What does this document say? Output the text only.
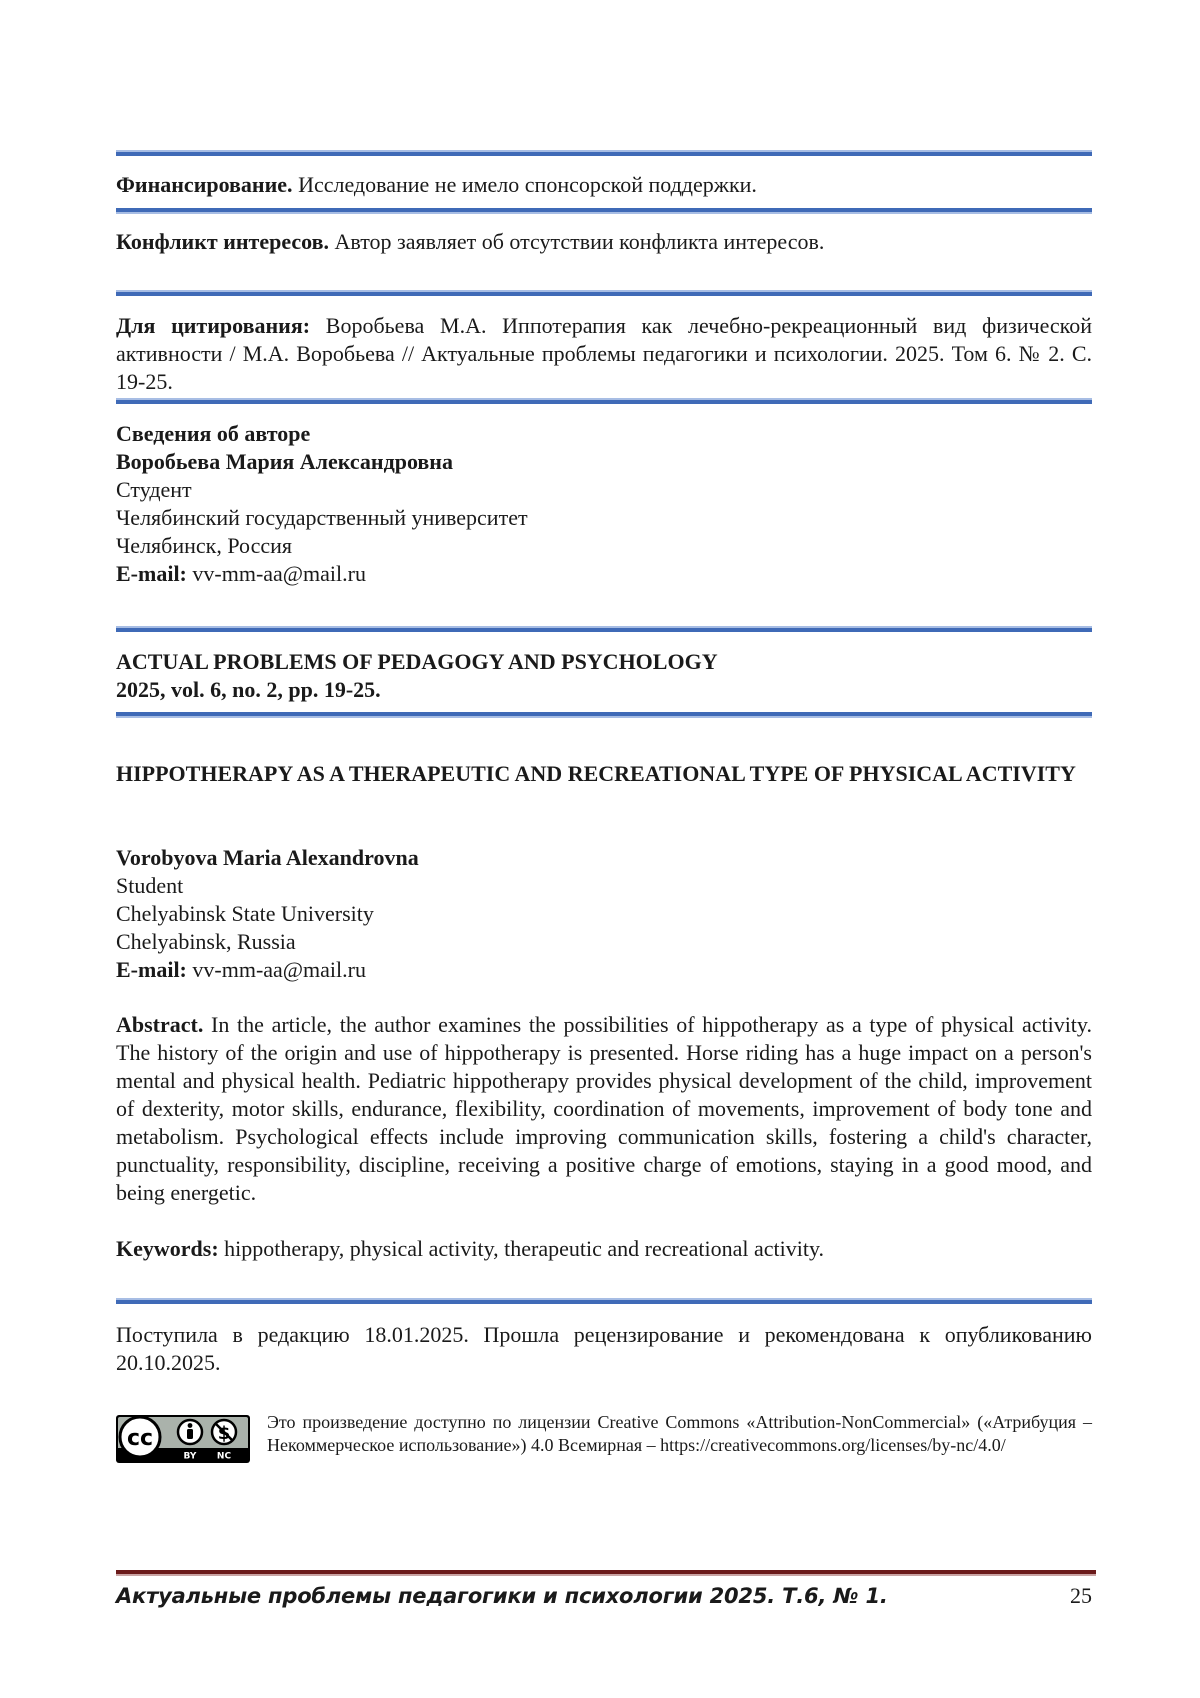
Финансирование. Исследование не имело спонсорской поддержки.

Конфликт интересов. Автор заявляет об отсутствии конфликта интересов.

Для цитирования: Воробьева М.А. Иппотерапия как лечебно-рекреационный вид физической активности / М.А. Воробьева // Актуальные проблемы педагогики и психологии. 2025. Том 6. № 2. С. 19-25.

Сведения об авторе
Воробьева Мария Александровна
Студент
Челябинский государственный университет
Челябинск, Россия
E-mail: vv-mm-aa@mail.ru
ACTUAL PROBLEMS OF PEDAGOGY AND PSYCHOLOGY
2025, vol. 6, no. 2, pp. 19-25.

HIPPOTHERAPY AS A THERAPEUTIC AND RECREATIONAL TYPE OF PHYSICAL ACTIVITY

Vorobyova Maria Alexandrovna
Student
Chelyabinsk State University
Chelyabinsk, Russia
E-mail: vv-mm-aa@mail.ru

Abstract. In the article, the author examines the possibilities of hippotherapy as a type of physical activity. The history of the origin and use of hippotherapy is presented. Horse riding has a huge impact on a person's mental and physical health. Pediatric hippotherapy provides physical development of the child, improvement of dexterity, motor skills, endurance, flexibility, coordination of movements, improvement of body tone and metabolism. Psychological effects include improving communication skills, fostering a child's character, punctuality, responsibility, discipline, receiving a positive charge of emotions, staying in a good mood, and being energetic.

Keywords: hippotherapy, physical activity, therapeutic and recreational activity.

Поступила в редакцию 18.01.2025. Прошла рецензирование и рекомендована к опубликованию 20.10.2025.

cc
BY NC
Это произведение доступно по лицензии Creative Commons «Attribution-NonCommercial» («Атрибуция – Некоммерческое использование») 4.0 Всемирная – https://creativecommons.org/licenses/by-nc/4.0/
Актуальные проблемы педагогики и психологии 2025. Т.6, № 1.	25
